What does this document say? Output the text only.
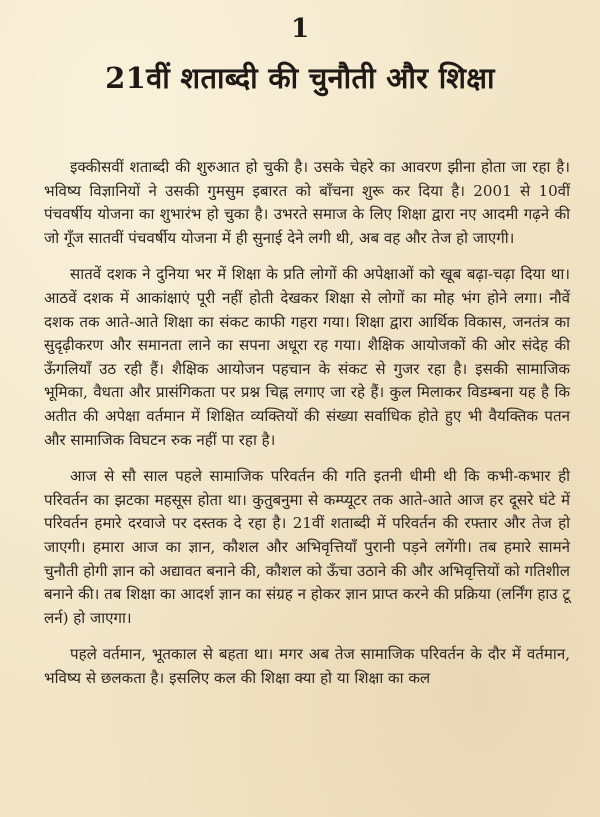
1
21वीं शताब्दी की चुनौती और शिक्षा

इक्कीसवीं शताब्दी की शुरुआत हो चुकी है। उसके चेहरे का आवरण झीना होता जा रहा है। भविष्य विज्ञानियों ने उसकी गुमसुम इबारत को बाँचना शुरू कर दिया है। 2001 से 10वीं पंचवर्षीय योजना का शुभारंभ हो चुका है। उभरते समाज के लिए शिक्षा द्वारा नए आदमी गढ़ने की जो गूँज सातवीं पंचवर्षीय योजना में ही सुनाई देने लगी थी, अब वह और तेज हो जाएगी।

सातवें दशक ने दुनिया भर में शिक्षा के प्रति लोगों की अपेक्षाओं को खूब बढ़ा-चढ़ा दिया था। आठवें दशक में आकांक्षाएं पूरी नहीं होती देखकर शिक्षा से लोगों का मोह भंग होने लगा। नौवें दशक तक आते-आते शिक्षा का संकट काफी गहरा गया। शिक्षा द्वारा आर्थिक विकास, जनतंत्र का सुदृढ़ीकरण और समानता लाने का सपना अधूरा रह गया। शैक्षिक आयोजकों की ओर संदेह की ऊँगलियाँ उठ रही हैं। शैक्षिक आयोजन पहचान के संकट से गुजर रहा है। इसकी सामाजिक भूमिका, वैधता और प्रासंगिकता पर प्रश्न चिह्न लगाए जा रहे हैं। कुल मिलाकर विडम्बना यह है कि अतीत की अपेक्षा वर्तमान में शिक्षित व्यक्तियों की संख्या सर्वाधिक होते हुए भी वैयक्तिक पतन और सामाजिक विघटन रुक नहीं पा रहा है।

आज से सौ साल पहले सामाजिक परिवर्तन की गति इतनी धीमी थी कि कभी-कभार ही परिवर्तन का झटका महसूस होता था। कुतुबनुमा से कम्प्यूटर तक आते-आते आज हर दूसरे घंटे में परिवर्तन हमारे दरवाजे पर दस्तक दे रहा है। 21वीं शताब्दी में परिवर्तन की रफ्तार और तेज हो जाएगी। हमारा आज का ज्ञान, कौशल और अभिवृत्तियाँ पुरानी पड़ने लगेंगी। तब हमारे सामने चुनौती होगी ज्ञान को अद्यावत बनाने की, कौशल को ऊँचा उठाने की और अभिवृत्तियों को गतिशील बनाने की। तब शिक्षा का आदर्श ज्ञान का संग्रह न होकर ज्ञान प्राप्त करने की प्रक्रिया (लर्निंग हाउ टू लर्न) हो जाएगा।

पहले वर्तमान, भूतकाल से बहता था। मगर अब तेज सामाजिक परिवर्तन के दौर में वर्तमान, भविष्य से छलकता है। इसलिए कल की शिक्षा क्या हो या शिक्षा का कल
